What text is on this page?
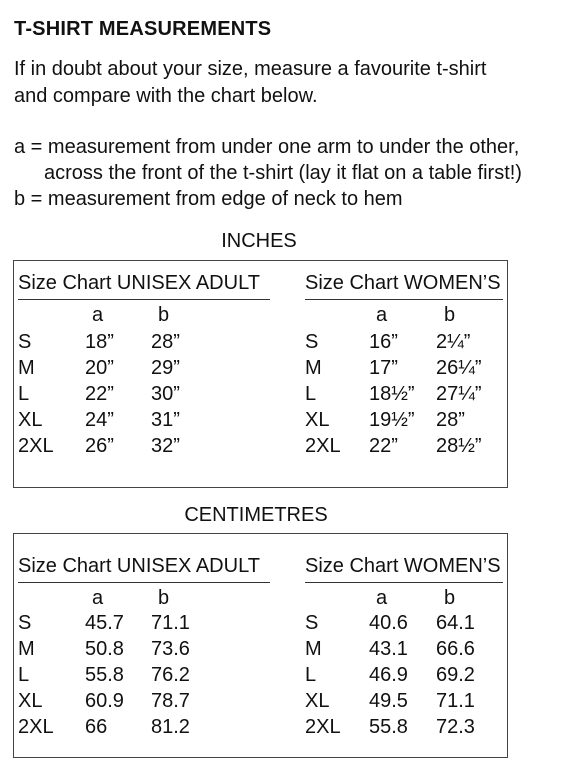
T-SHIRT MEASUREMENTS
If in doubt about your size, measure a favourite t-shirt
and compare with the chart below.
a = measurement from under one arm to under the other,
across the front of the t-shirt (lay it flat on a table first!)
b = measurement from edge of neck to hem
INCHES
Size Chart UNISEX ADULT
a	b
S	18” 28”
M	20” 29”
L	22” 30”
XL 24” 31”
2XL 26” 32”
Size Chart WOMEN’S
a	b
S	16” 2¼”
M 17” 26¼”
L	18½” 27¼”
XL 19½” 28”
2XL 22” 28½”
CENTIMETRES
Size Chart UNISEX ADULT
a	b
S	45.7 71.1
M	50.8 73.6
L	55.8 76.2
XL 60.9 78.7
2XL 66 81.2
Size Chart WOMEN’S
a	b
S	40.6 64.1
M 43.1 66.6
L	46.9 69.2
XL 49.5 71.1
2XL 55.8 72.3
